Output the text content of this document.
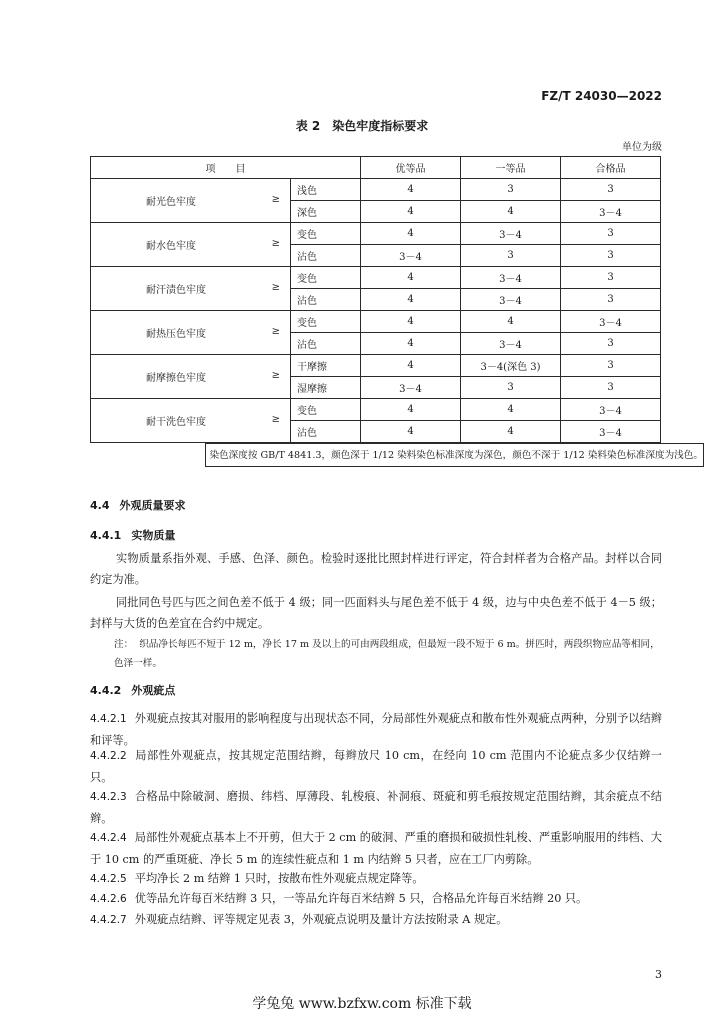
FZ/T 24030—2022
表 2　染色牢度指标要求
单位为级
项　　目	优等品	一等品	合格品
耐光色牢度	≥	浅色	4	3	3
深色	4	4	3－4
耐水色牢度	≥	变色	4	3－4	3
沾色	3－4	3	3
耐汗渍色牢度	≥	变色	4	3－4	3
沾色	4	3－4	3
耐热压色牢度	≥	变色	4	4	3－4
沾色	4	3－4	3
耐摩擦色牢度	≥	干摩擦	4	3－4(深色 3)	3
湿摩擦	3－4	3	3
耐干洗色牢度	≥	变色	4	4	3－4
沾色	4	4	3－4

染色深度按 GB/T 4841.3，颜色深于 1/12 染料染色标准深度为深色，颜色不深于 1/12 染料染色标准深度为浅色。
4.4 外观质量要求
4.4.1 实物质量
实物质量系指外观、手感、色泽、颜色。检验时逐批比照封样进行评定，符合封样者为合格产品。封样以合同约定为准。
同批同色号匹与匹之间色差不低于 4 级；同一匹面料头与尾色差不低于 4 级，边与中央色差不低于 4－5 级；封样与大货的色差宜在合约中规定。
注： 织品净长每匹不短于 12 m，净长 17 m 及以上的可由两段组成，但最短一段不短于 6 m。拼匹时，两段织物应品等相同，色泽一样。
4.4.2 外观疵点
4.4.2.1 外观疵点按其对服用的影响程度与出现状态不同，分局部性外观疵点和散布性外观疵点两种，分别予以结辫和评等。
4.4.2.2 局部性外观疵点，按其规定范围结辫，每辫放尺 10 cm，在经向 10 cm 范围内不论疵点多少仅结辫一只。
4.4.2.3 合格品中除破洞、磨损、纬档、厚薄段、轧梭痕、补洞痕、斑疵和剪毛痕按规定范围结辫，其余疵点不结辫。
4.4.2.4 局部性外观疵点基本上不开剪，但大于 2 cm 的破洞、严重的磨损和破损性轧梭、严重影响服用的纬档、大于 10 cm 的严重斑疵、净长 5 m 的连续性疵点和 1 m 内结辫 5 只者，应在工厂内剪除。
4.4.2.5 平均净长 2 m 结辫 1 只时，按散布性外观疵点规定降等。
4.4.2.6 优等品允许每百米结辫 3 只，一等品允许每百米结辫 5 只，合格品允许每百米结辫 20 只。
4.4.2.7 外观疵点结辫、评等规定见表 3，外观疵点说明及量计方法按附录 A 规定。
3
学兔兔 www.bzfxw.com 标准下载
